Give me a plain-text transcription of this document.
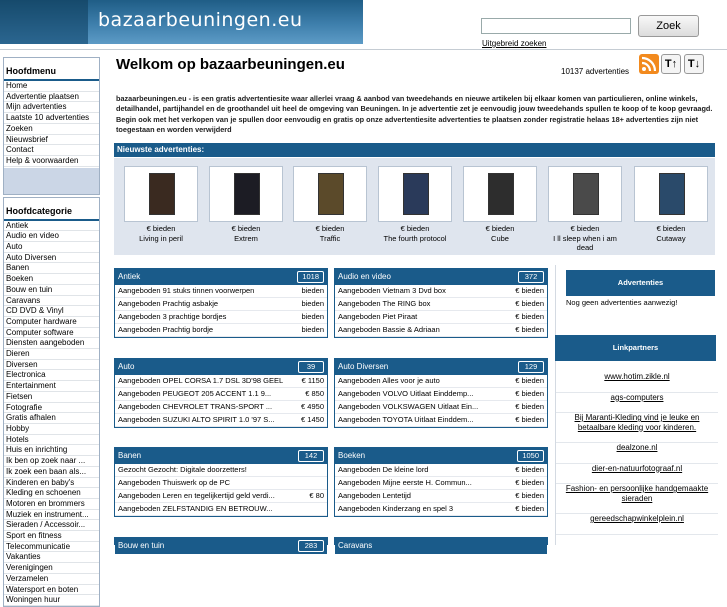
bazaarbeuningen.eu	Zoek
Uitgebreid zoeken
Hoofdmenu
Home
Advertentie plaatsen
Mijn advertenties
Laatste 10 advertenties
Zoeken
Nieuwsbrief
Contact
Help & voorwaarden
Hoofdcategorie
Antiek
Audio en video
Auto
Auto Diversen
Banen
Boeken
Bouw en tuin
Caravans
CD DVD & Vinyl
Computer hardware
Computer software
Diensten aangeboden
Dieren
Diversen
Electronica
Entertainment
Fietsen
Fotografie
Gratis afhalen
Hobby
Hotels
Huis en inrichting
Ik ben op zoek naar ...
Ik zoek een baan als...
Kinderen en baby's
Kleding en schoenen
Motoren en brommers
Muziek en instrument...
Sieraden / Accessoir...
Sport en fitness
Telecommunicatie
Vakanties
Verenigingen
Verzamelen
Watersport en boten
Woningen huur
Welkom op bazaarbeuningen.eu	10137 advertenties
T↑ T↓
bazaarbeuningen.eu - is een gratis advertentiesite waar allerlei vraag & aanbod van tweedehands en nieuwe artikelen bij elkaar komen van particulieren, online winkels, detailhandel, partijhandel en de groothandel uit heel de omgeving van Beuningen. In je advertentie zet je eenvoudig jouw tweedehands spullen te koop of te koop gevraagd. Begin ook met het verkopen van je spullen door eenvoudig en gratis op onze advertentiesite advertenties te plaatsen zonder registratie helaas 18+ advertenties zijn niet toegestaan en worden verwijderd
Nieuwste advertenties:
€ bieden
Living in peril
€ bieden
Extrem
€ bieden
Traffic
€ bieden
The fourth protocol
€ bieden
Cube
€ bieden
I ll sleep when i am dead
€ bieden
Cutaway
Antiek	1018
Aangeboden 91 stuks tinnen voorwerpen	bieden
Aangeboden Prachtig asbakje	bieden
Aangeboden 3 prachtige bordjes	bieden
Aangeboden Prachtig bordje	bieden
Audio en video	372
Aangeboden Vietnam 3 Dvd box	€ bieden
Aangeboden The RING box	€ bieden
Aangeboden Piet Piraat	€ bieden
Aangeboden Bassie & Adriaan	€ bieden
Auto	39
Aangeboden OPEL CORSA 1.7 DSL 3D'98 GEEL	€ 1150
Aangeboden PEUGEOT 205 ACCENT 1.1 9...	€ 850
Aangeboden CHEVROLET TRANS-SPORT ...	€ 4950
Aangeboden SUZUKI ALTO SPIRIT 1.0 '97 S...	€ 1450
Auto Diversen	129
Aangeboden Alles voor je auto	€ bieden
Aangeboden VOLVO Uitlaat Einddemp...	€ bieden
Aangeboden VOLKSWAGEN Uitlaat Ein...	€ bieden
Aangeboden TOYOTA Uitlaat Einddem...	€ bieden
Banen	142
Gezocht Gezocht: Digitale doorzetters!
Aangeboden Thuiswerk op de PC
Aangeboden Leren en tegelijkertijd geld verdi...	€ 80
Aangeboden ZELFSTANDIG EN BETROUW...
Boeken	1050
Aangeboden De kleine lord	€ bieden
Aangeboden Mijne eerste H. Commun...	€ bieden
Aangeboden Lentetijd	€ bieden
Aangeboden Kinderzang en spel 3	€ bieden
Bouw en tuin	283	Caravans
Advertenties
Nog geen advertenties aanwezig!
Linkpartners
www.hotim.zikle.nl
ags-computers
Bij Maranti-Kleding vind je leuke en betaalbare kleding voor kinderen.
dealzone.nl
dier-en-natuurfotograaf.nl
Fashion- en persoonlijke handgemaakte sieraden
gereedschapwinkelplein.nl
